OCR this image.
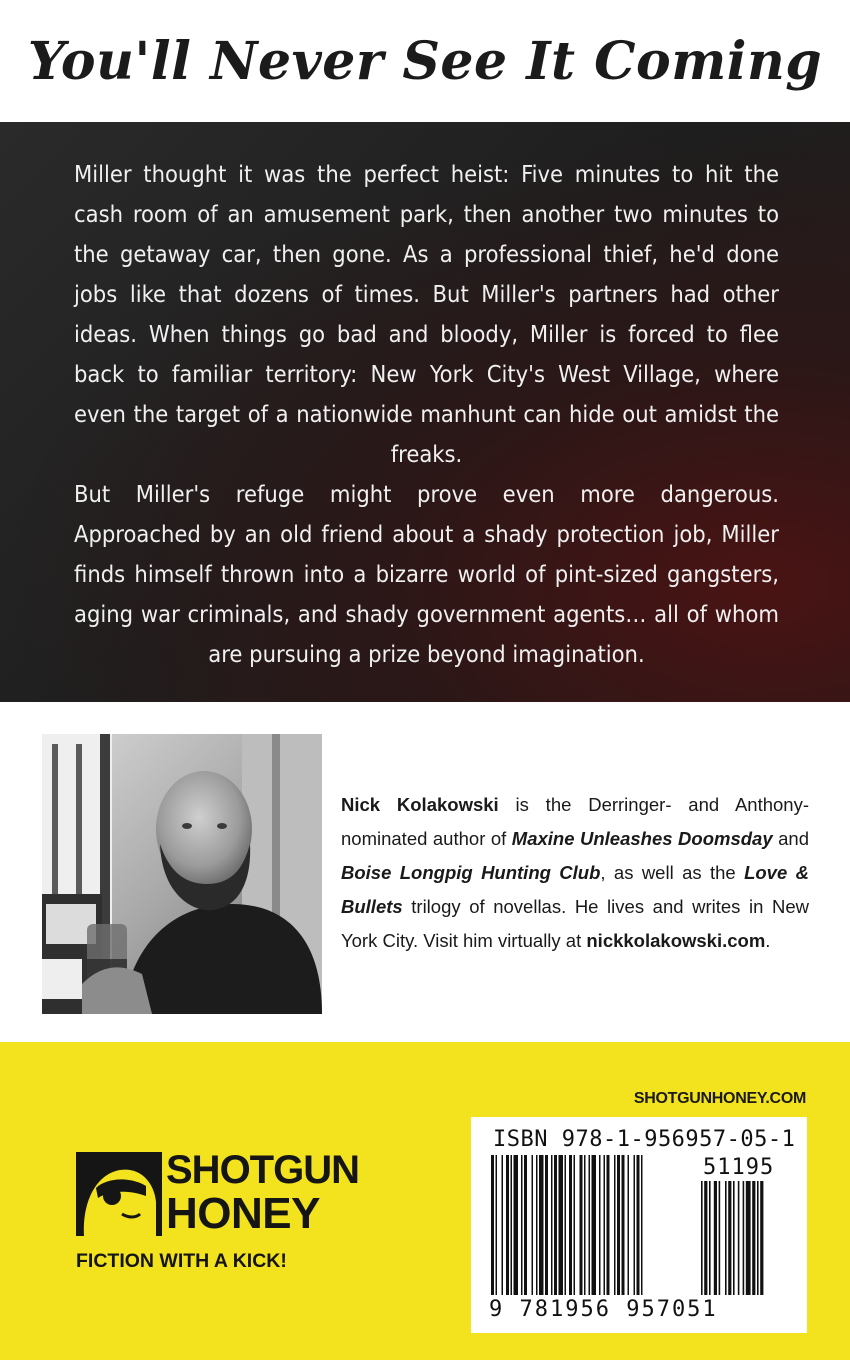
You'll Never See It Coming

Miller thought it was the perfect heist: Five minutes to hit the cash room of an amusement park, then another two minutes to the getaway car, then gone. As a professional thief, he'd done jobs like that dozens of times. But Miller's partners had other ideas. When things go bad and bloody, Miller is forced to flee back to familiar territory: New York City's West Village, where even the target of a nationwide manhunt can hide out amidst the freaks.

But Miller's refuge might prove even more dangerous. Approached by an old friend about a shady protection job, Miller finds himself thrown into a bizarre world of pint-sized gangsters, aging war criminals, and shady government agents… all of whom are pursuing a prize beyond imagination.

Nick Kolakowski is the Derringer- and Anthony-nominated author of Maxine Unleashes Doomsday and Boise Longpig Hunting Club, as well as the Love & Bullets trilogy of novellas. He lives and writes in New York City. Visit him virtually at nickkolakowski.com.
SHOTGUNHONEY.COM
SHOTGUN
HONEY
FICTION WITH A KICK!
ISBN 978-1-956957-05-1
51195
9 781956 957051
